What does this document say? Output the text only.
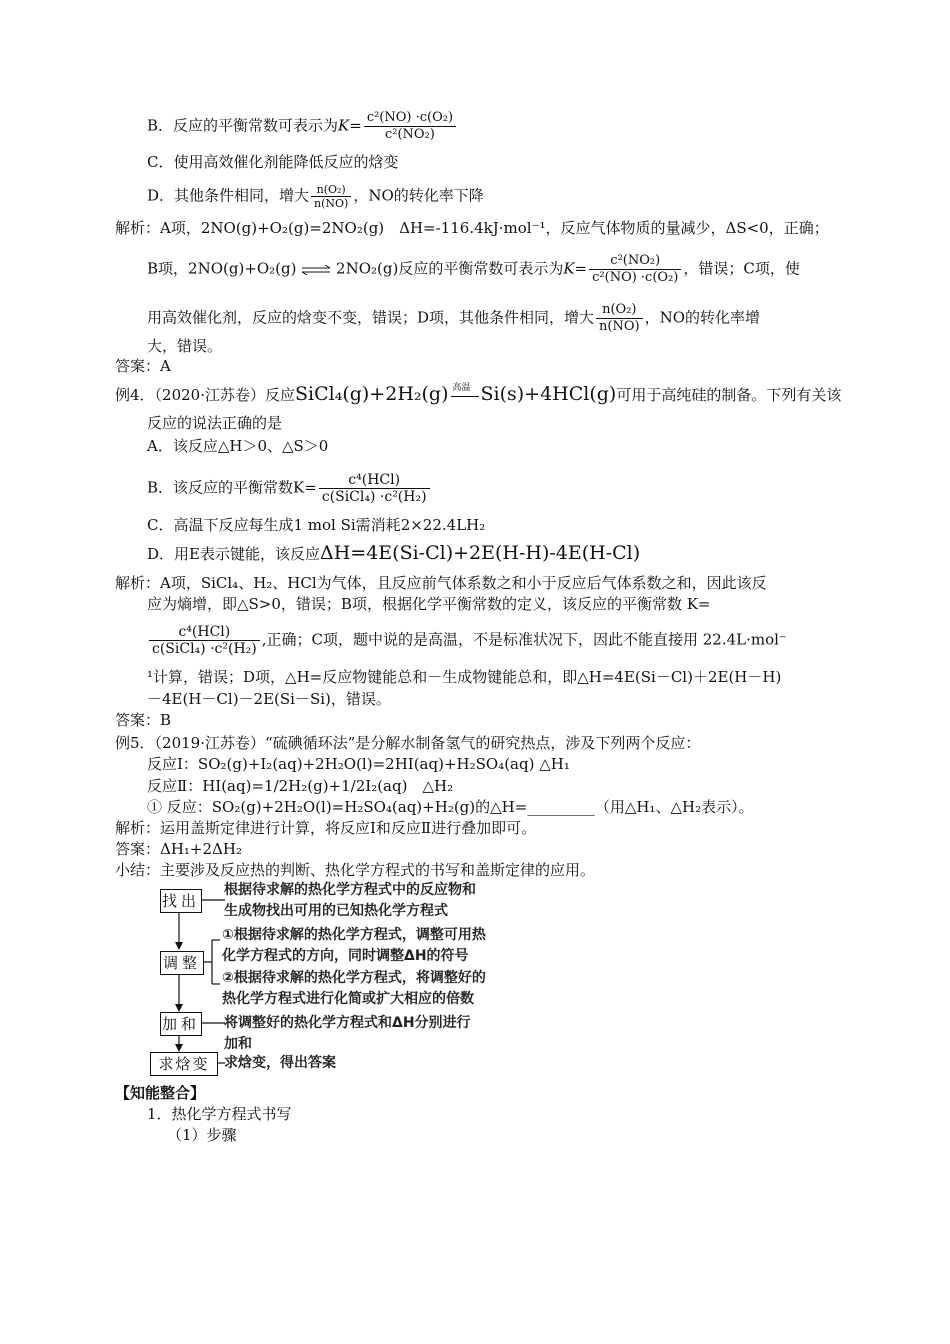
B．反应的平衡常数可表示为$K= \frac{\text{c²(NO) ·c(O₂)}}{\text{c²(NO₂)}}$
C．使用高效催化剂能降低反应的焓变
D．其他条件相同，增大 $\frac{\text{n(O₂)}}{n(NO)}$ ，NO的转化率下降
解析：A项，2NO(g)+O₂(g)=2NO₂(g)　ΔH=-116.4kJ·mol⁻¹，反应气体物质的量减少，ΔS<0，正确；
B项，2NO(g)+O₂(g) ⇌ 2NO₂(g)反应的平衡常数可表示为$K= \frac{\text{c²(NO₂)}}{\text{c²(NO) ·c(O₂)}}$ ，错误；C项，使
用高效催化剂，反应的焓变不变，错误；D项，其他条件相同，增大 $\frac{\text{n(O₂)}}{n(NO)}$ ，NO的转化率增
大，错误。
答案：A
例4．（2020·江苏卷）反应SiCl₄(g)+2H₂(g) 高温 Si(s)+4HCl(g)可用于高纯硅的制备。下列有关该
反应的说法正确的是
A．该反应△H＞0、△S＞0
B．该反应的平衡常数$K= \frac{\text{c⁴(HCl)}}{\text{c(SiCl₄) ·c²(H₂)}}$
C．高温下反应每生成1 mol Si需消耗2×22.4LH₂
D．用E表示键能，该反应ΔH=4E(Si-Cl)+2E(H-H)-4E(H-Cl)
解析：A项，SiCl₄、H₂、HCl为气体，且反应前气体系数之和小于反应后气体系数之和，因此该反
应为熵增，即△S>0，错误；B项，根据化学平衡常数的定义，该反应的平衡常数 K=
$\frac{\text{c⁴(HCl)}}{\text{c(SiCl₄) ·c²(H₂)}}$ ,正确；C项，题中说的是高温，不是标准状况下，因此不能直接用 22.4L·mol⁻
¹计算，错误；D项，△H=反应物键能总和－生成物键能总和，即△H=4E(Si－Cl)＋2E(H－H)
－4E(H－Cl)－2E(Si－Si)，错误。
答案：B
例5．（2019·江苏卷）“硫碘循环法”是分解水制备氢气的研究热点，涉及下列两个反应：
反应Ⅰ：SO₂(g)+I₂(aq)+2H₂O(l)=2HI(aq)+H₂SO₄(aq) △H₁
反应Ⅱ：HI(aq)=1/2H₂(g)+1/2I₂(aq)　△H₂
① 反应：SO₂(g)+2H₂O(l)=H₂SO₄(aq)+H₂(g)的△H=_________（用△H₁、△H₂表示）。
解析：运用盖斯定律进行计算，将反应Ⅰ和反应Ⅱ进行叠加即可。
答案：ΔH₁+2ΔH₂
小结：主要涉及反应热的判断、热化学方程式的书写和盖斯定律的应用。
找出
调整
加和
求焓变
根据待求解的热化学方程式中的反应物和
生成物找出可用的已知热化学方程式
①根据待求解的热化学方程式，调整可用热
化学方程式的方向，同时调整ΔH的符号
②根据待求解的热化学方程式，将调整好的
热化学方程式进行化简或扩大相应的倍数
将调整好的热化学方程式和ΔH分别进行
加和
求焓变，得出答案
【知能整合】
1．热化学方程式书写
（1）步骤
